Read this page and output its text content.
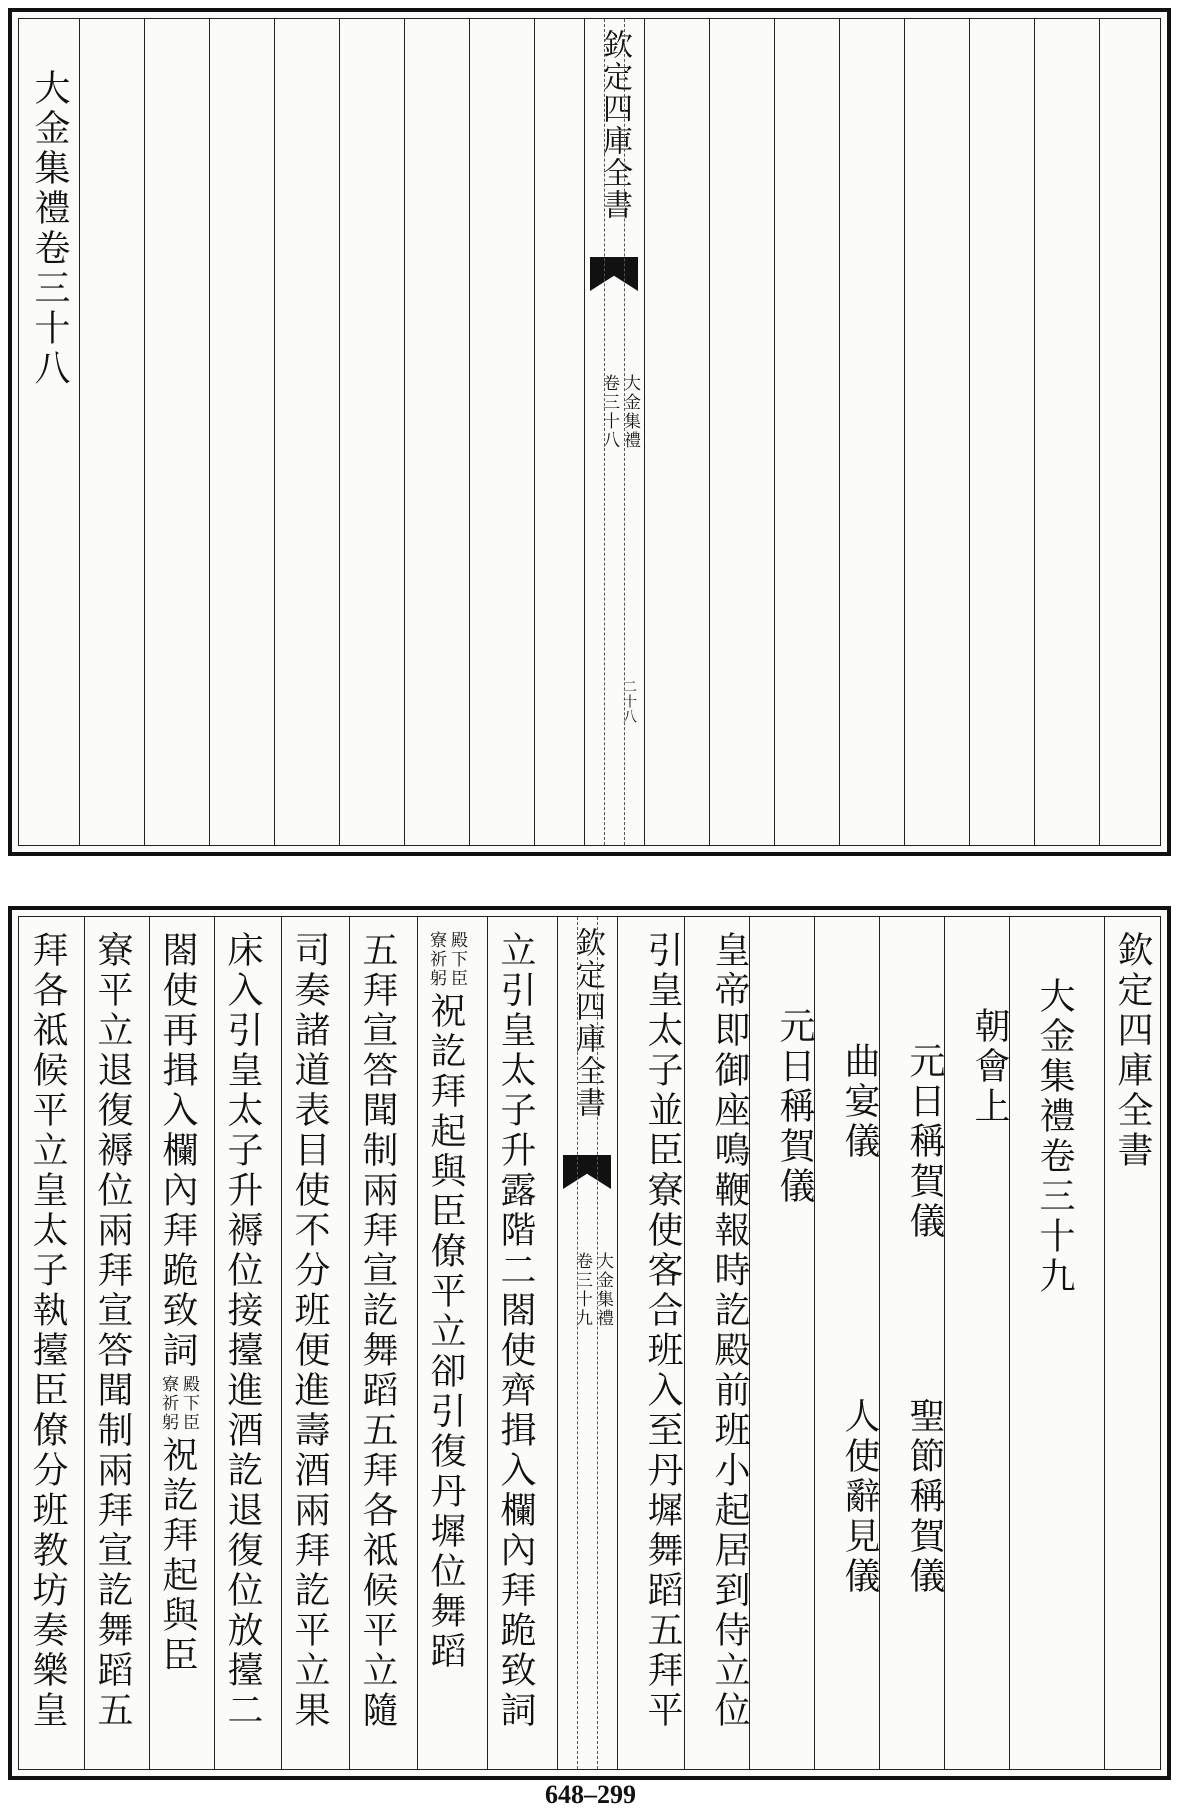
大金集禮卷三十八	欽定四庫全書
大金集禮
卷三十八
二十八
欽定四庫全書
大金集禮卷三十九
朝會上
元日稱賀儀
聖節稱賀儀
曲宴儀
人使辭見儀
元日稱賀儀
皇帝即御座鳴鞭報時訖殿前班小起居到侍立位
引皇太子並臣寮使客合班入至丹墀舞蹈五拜平
欽定四庫全書
大金集禮
卷三十九
立引皇太子升露階二閤使齊揖入欄內拜跪致詞
殿下臣
寮祈躬
祝訖拜起與臣僚平立卻引復丹墀位舞蹈
五拜宣答聞制兩拜宣訖舞蹈五拜各祗候平立隨
司奏諸道表目使不分班便進壽酒兩拜訖平立果
床入引皇太子升褥位接擡進酒訖退復位放擡二
閤使再揖入欄內拜跪致詞
殿下臣
寮祈躬
祝訖拜起與臣
寮平立退復褥位兩拜宣答聞制兩拜宣訖舞蹈五
拜各祗候平立皇太子執擡臣僚分班教坊奏樂皇
648–299
